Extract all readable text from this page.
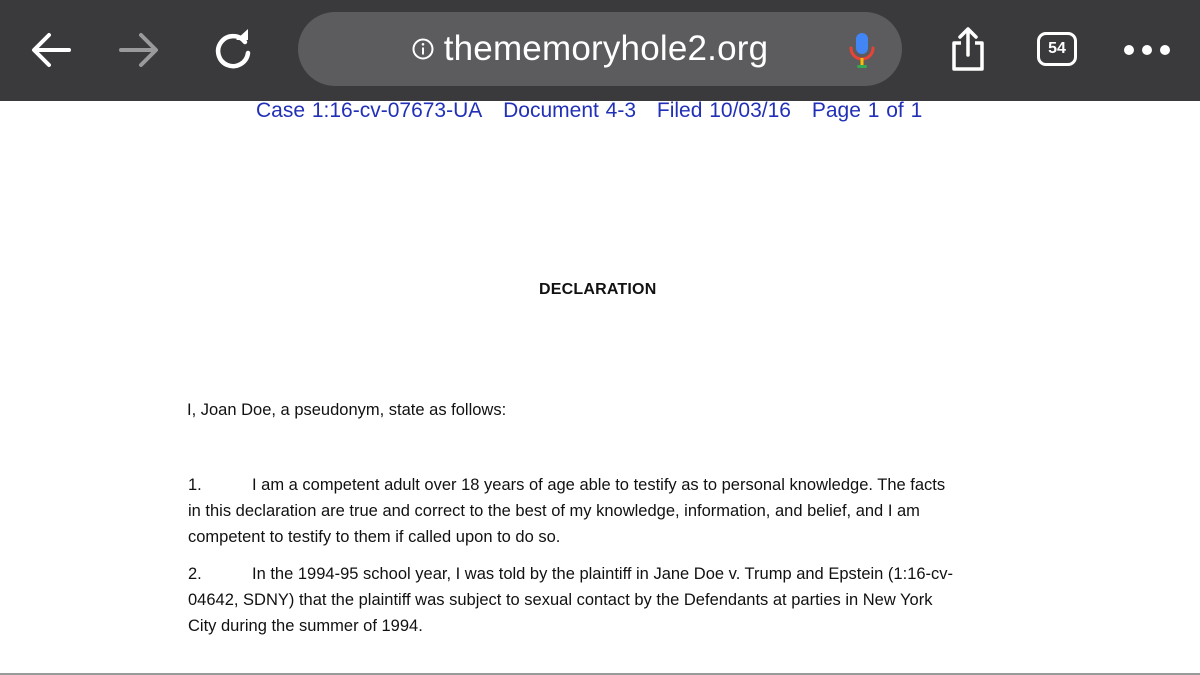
thememoryhole2.org	54
Case 1:16-cv-07673-UA Document 4-3 Filed 10/03/16 Page 1 of 1
DECLARATION
I, Joan Doe, a pseudonym, state as follows:
1.	I am a competent adult over 18 years of age able to testify as to personal knowledge. The facts
in this declaration are true and correct to the best of my knowledge, information, and belief, and I am
competent to testify to them if called upon to do so.
2.	In the 1994-95 school year, I was told by the plaintiff in Jane Doe v. Trump and Epstein (1:16-cv-
04642, SDNY) that the plaintiff was subject to sexual contact by the Defendants at parties in New York
City during the summer of 1994.
